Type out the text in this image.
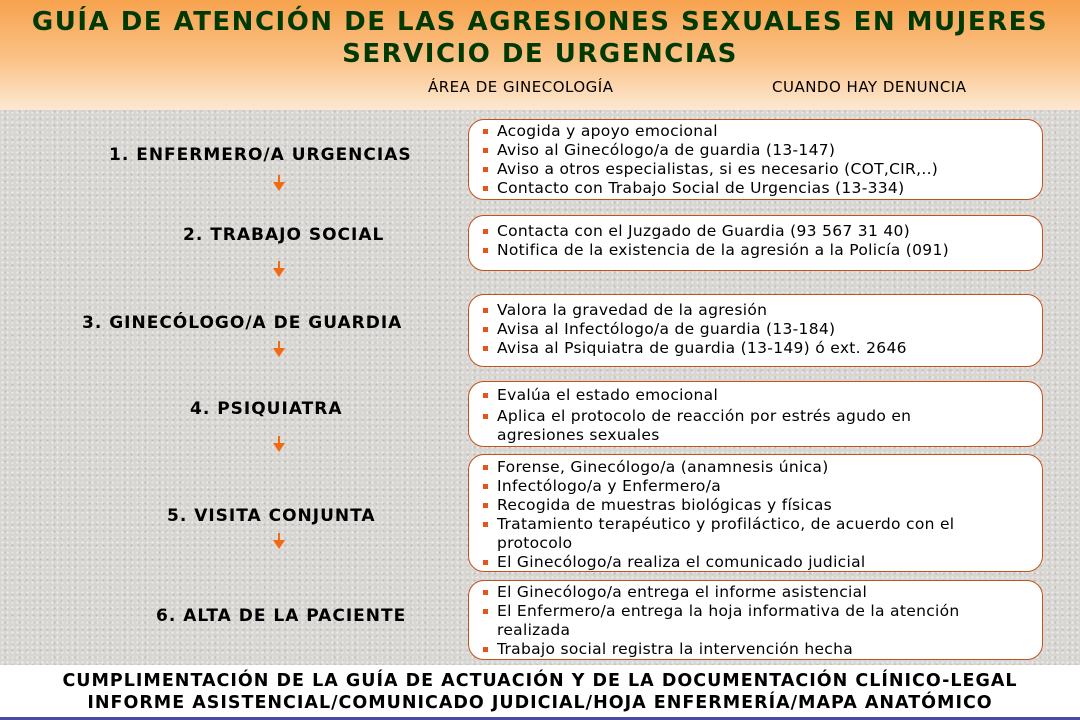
GUÍA DE ATENCIÓN DE LAS AGRESIONES SEXUALES EN MUJERES
SERVICIO DE URGENCIAS
ÁREA DE GINECOLOGÍA	CUANDO HAY DENUNCIA
1. ENFERMERO/A URGENCIAS
Acogida y apoyo emocional
Aviso al Ginecólogo/a de guardia (13-147)
Aviso a otros especialistas, si es necesario (COT,CIR,..)
Contacto con Trabajo Social de Urgencias (13-334)
2. TRABAJO SOCIAL	Contacta con el Juzgado de Guardia (93 567 31 40)
Notifica de la existencia de la agresión a la Policía (091)
3. GINECÓLOGO/A DE GUARDIA
Valora la gravedad de la agresión
Avisa al Infectólogo/a de guardia (13-184)
Avisa al Psiquiatra de guardia (13-149) ó ext. 2646
4. PSIQUIATRA
Evalúa el estado emocional
Aplica el protocolo de reacción por estrés agudo en agresiones sexuales
5. VISITA CONJUNTA
Forense, Ginecólogo/a (anamnesis única)
Infectólogo/a y Enfermero/a
Recogida de muestras biológicas y físicas
Tratamiento terapéutico y profiláctico, de acuerdo con el protocolo
El Ginecólogo/a realiza el comunicado judicial
6. ALTA DE LA PACIENTE
El Ginecólogo/a entrega el informe asistencial
El Enfermero/a entrega la hoja informativa de la atención realizada
Trabajo social registra la intervención hecha
CUMPLIMENTACIÓN DE LA GUÍA DE ACTUACIÓN Y DE LA DOCUMENTACIÓN CLÍNICO-LEGAL
INFORME ASISTENCIAL/COMUNICADO JUDICIAL/HOJA ENFERMERÍA/MAPA ANATÓMICO
